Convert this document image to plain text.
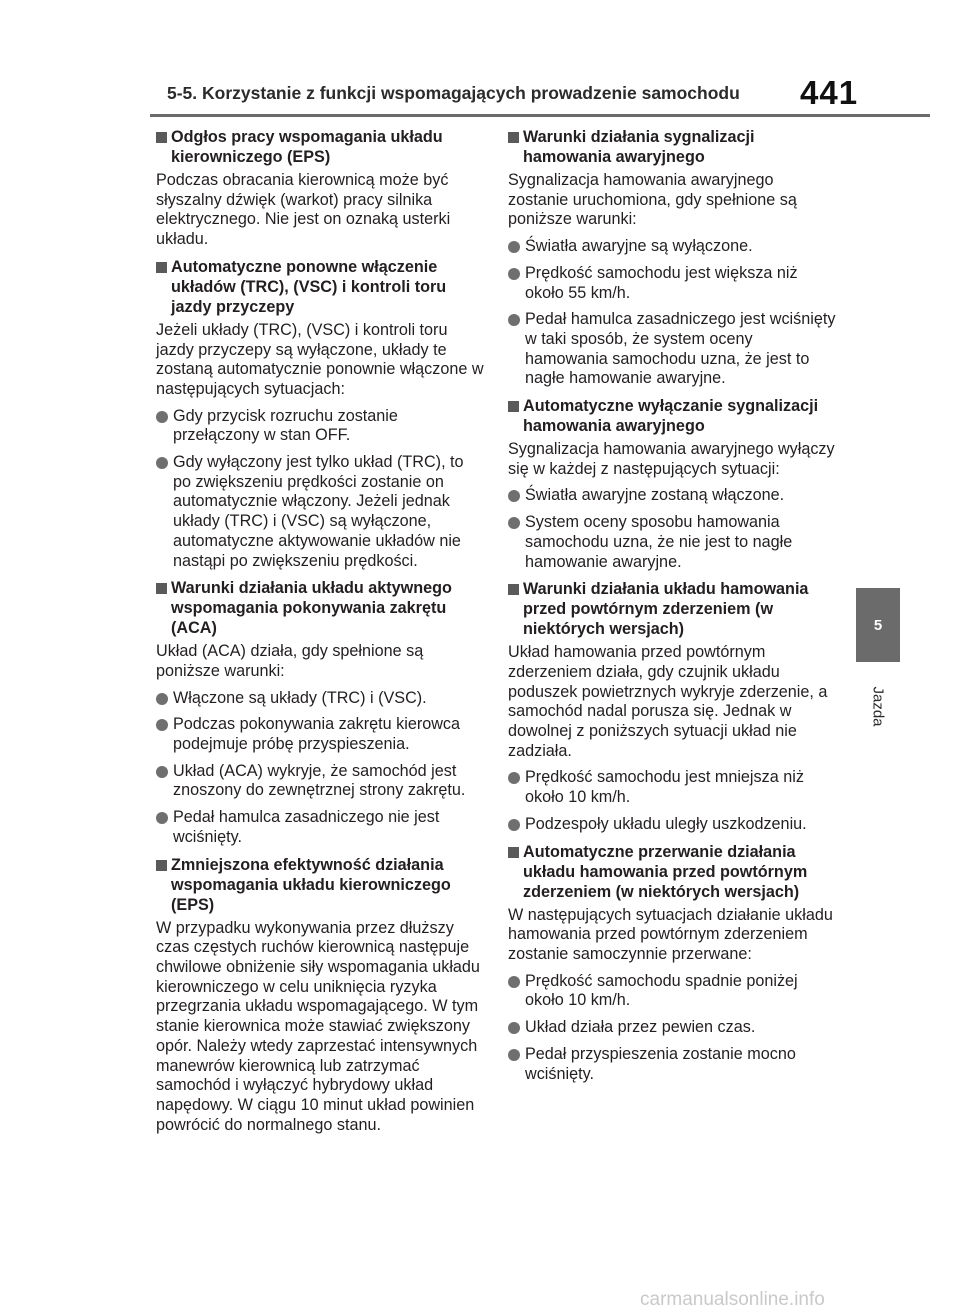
5-5. Korzystanie z funkcji wspomagających prowadzenie samochodu	441
5
Jazda
Odgłos pracy wspomagania układu kierowniczego (EPS)
Podczas obracania kierownicą może być słyszalny dźwięk (warkot) pracy silnika elektrycznego. Nie jest on oznaką usterki układu.
Automatyczne ponowne włączenie układów (TRC), (VSC) i kontroli toru jazdy przyczepy
Jeżeli układy (TRC), (VSC) i kontroli toru jazdy przyczepy są wyłączone, układy te zostaną automatycznie ponownie włączone w następujących sytuacjach:
Gdy przycisk rozruchu zostanie przełączony w stan OFF.
Gdy wyłączony jest tylko układ (TRC), to po zwiększeniu prędkości zostanie on automatycznie włączony. Jeżeli jednak układy (TRC) i (VSC) są wyłączone, automatyczne aktywowanie układów nie nastąpi po zwiększeniu prędkości.
Warunki działania układu aktywnego wspomagania pokonywania zakrętu (ACA)
Układ (ACA) działa, gdy spełnione są poniższe warunki:
Włączone są układy (TRC) i (VSC).
Podczas pokonywania zakrętu kierowca podejmuje próbę przyspieszenia.
Układ (ACA) wykryje, że samochód jest znoszony do zewnętrznej strony zakrętu.
Pedał hamulca zasadniczego nie jest wciśnięty.
Zmniejszona efektywność działania wspomagania układu kierowniczego (EPS)
W przypadku wykonywania przez dłuższy czas częstych ruchów kierownicą następuje chwilowe obniżenie siły wspomagania układu kierowniczego w celu uniknięcia ryzyka przegrzania układu wspomagającego. W tym stanie kierownica może stawiać zwiększony opór. Należy wtedy zaprzestać intensywnych manewrów kierownicą lub zatrzymać samochód i wyłączyć hybrydowy układ napędowy. W ciągu 10 minut układ powinien powrócić do normalnego stanu.
Warunki działania sygnalizacji hamowania awaryjnego
Sygnalizacja hamowania awaryjnego zostanie uruchomiona, gdy spełnione są poniższe warunki:
Światła awaryjne są wyłączone.
Prędkość samochodu jest większa niż około 55 km/h.
Pedał hamulca zasadniczego jest wciśnięty w taki sposób, że system oceny hamowania samochodu uzna, że jest to nagłe hamowanie awaryjne.
Automatyczne wyłączanie sygnalizacji hamowania awaryjnego
Sygnalizacja hamowania awaryjnego wyłączy się w każdej z następujących sytuacji:
Światła awaryjne zostaną włączone.
System oceny sposobu hamowania samochodu uzna, że nie jest to nagłe hamowanie awaryjne.
Warunki działania układu hamowania przed powtórnym zderzeniem (w niektórych wersjach)
Układ hamowania przed powtórnym zderzeniem działa, gdy czujnik układu poduszek powietrznych wykryje zderzenie, a samochód nadal porusza się. Jednak w dowolnej z poniższych sytuacji układ nie zadziała.
Prędkość samochodu jest mniejsza niż około 10 km/h.
Podzespoły układu uległy uszkodzeniu.
Automatyczne przerwanie działania układu hamowania przed powtórnym zderzeniem (w niektórych wersjach)
W następujących sytuacjach działanie układu hamowania przed powtórnym zderzeniem zostanie samoczynnie przerwane:
Prędkość samochodu spadnie poniżej około 10 km/h.
Układ działa przez pewien czas.
Pedał przyspieszenia zostanie mocno wciśnięty.
carmanualsonline.info
